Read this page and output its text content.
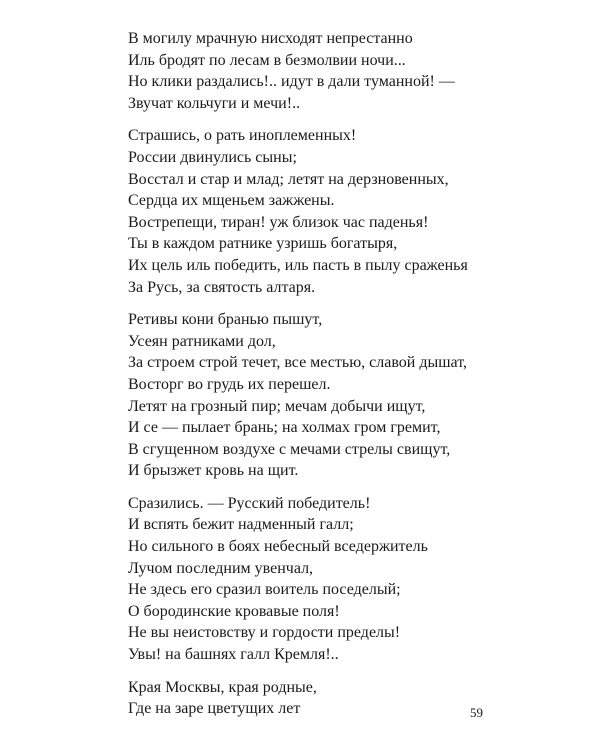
В могилу мрачную нисходят непрестанно
Иль бродят по лесам в безмолвии ночи...
Но клики раздались!.. идут в дали туманной! —
Звучат кольчуги и мечи!..
Страшись, о рать иноплеменных!
России двинулись сыны;
Восстал и стар и млад; летят на дерзновенных,
Сердца их мщеньем зажжены.
Вострепещи, тиран! уж близок час паденья!
Ты в каждом ратнике узришь богатыря,
Их цель иль победить, иль пасть в пылу сраженья
За Русь, за святость алтаря.
Ретивы кони бранью пышут,
Усеян ратниками дол,
За строем строй течет, все местью, славой дышат,
Восторг во грудь их перешел.
Летят на грозный пир; мечам добычи ищут,
И се — пылает брань; на холмах гром гремит,
В сгущенном воздухе с мечами стрелы свищут,
И брызжет кровь на щит.
Сразились. — Русский победитель!
И вспять бежит надменный галл;
Но сильного в боях небесный вседержитель
Лучом последним увенчал,
Не здесь его сразил воитель поседелый;
О бородинские кровавые поля!
Не вы неистовству и гордости пределы!
Увы! на башнях галл Кремля!..
Края Москвы, края родные,
Где на заре цветущих лет	59
